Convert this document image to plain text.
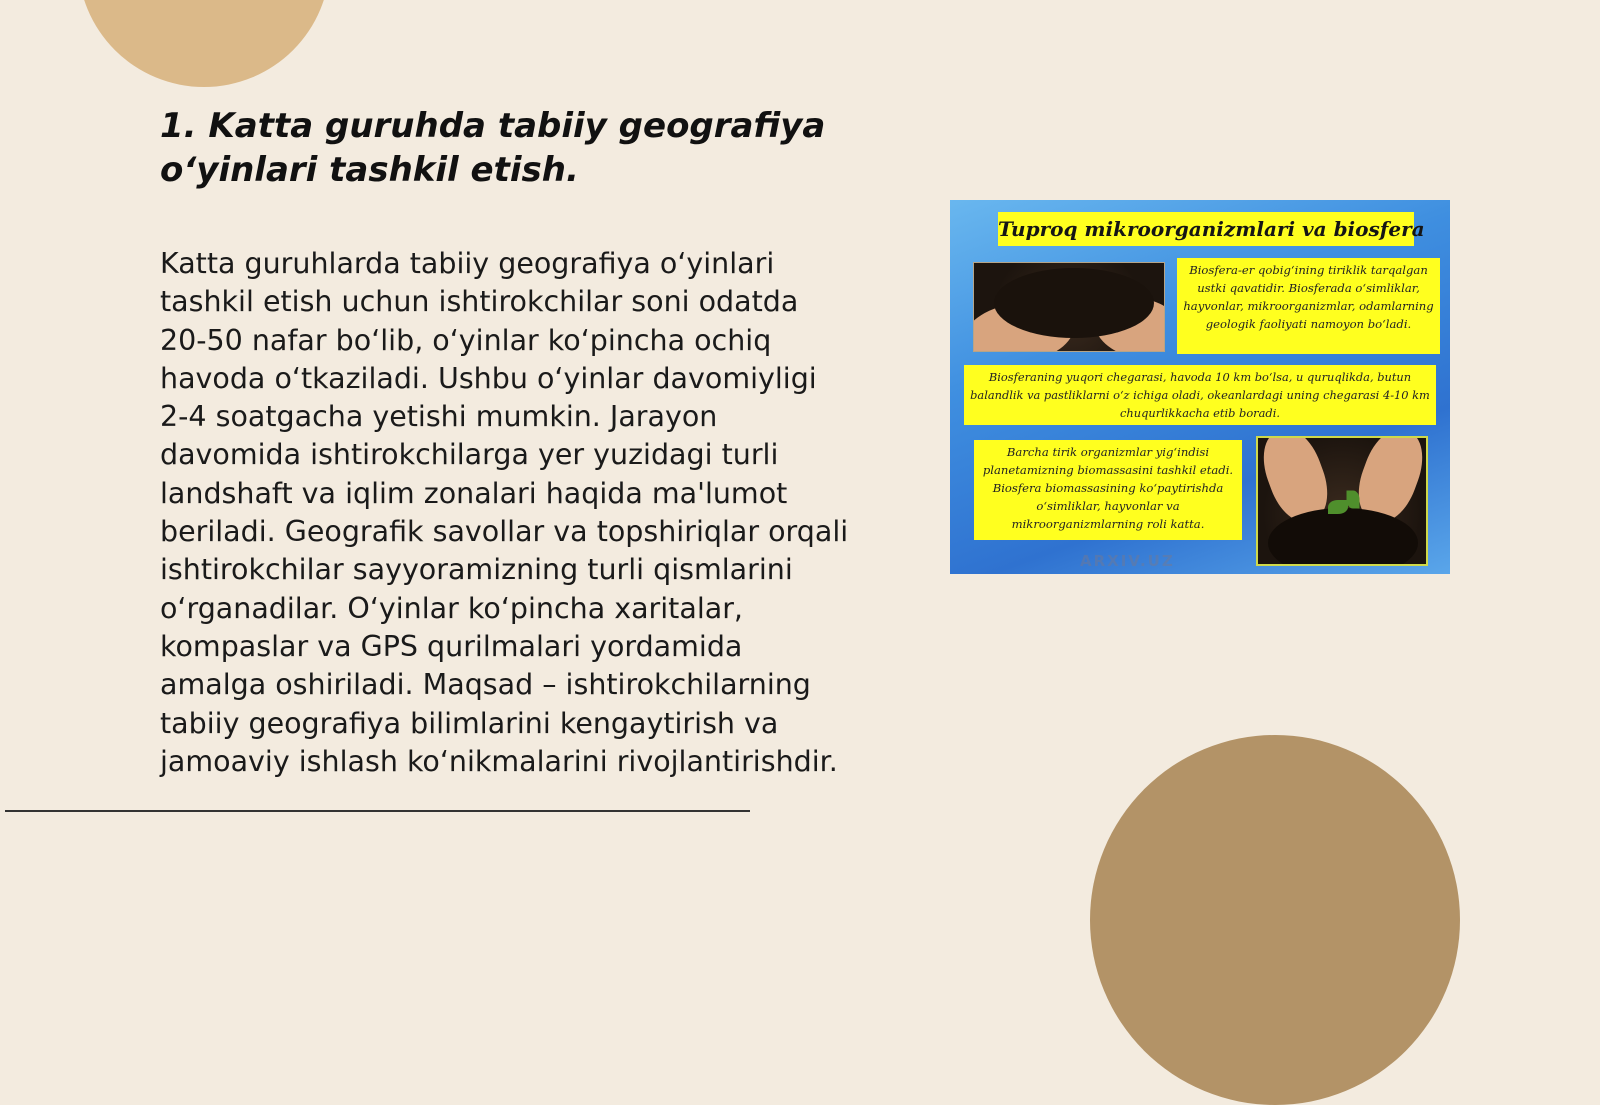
1. Katta guruhda tabiiy geografiya o‘yinlari tashkil etish.

Katta guruhlarda tabiiy geografiya o‘yinlari tashkil etish uchun ishtirokchilar soni odatda 20-50 nafar bo‘lib, o‘yinlar ko‘pincha ochiq havoda o‘tkaziladi. Ushbu o‘yinlar davomiyligi 2-4 soatgacha yetishi mumkin. Jarayon davomida ishtirokchilarga yer yuzidagi turli landshaft va iqlim zonalari haqida ma'lumot beriladi. Geografik savollar va topshiriqlar orqali ishtirokchilar sayyoramizning turli qismlarini o‘rganadilar. O‘yinlar ko‘pincha xaritalar, kompaslar va GPS qurilmalari yordamida amalga oshiriladi. Maqsad – ishtirokchilarning tabiiy geografiya bilimlarini kengaytirish va jamoaviy ishlash ko‘nikmalarini rivojlantirishdir.

Tuproq mikroorganizmlari va biosfera
Biosfera-er qobig‘ining tiriklik tarqalgan ustki qavatidir. Biosferada o‘simliklar, hayvonlar, mikroorganizmlar, odamlarning geologik faoliyati namoyon bo‘ladi.
Biosferaning yuqori chegarasi, havoda 10 km bo‘lsa, u quruqlikda, butun balandlik va pastliklarni o‘z ichiga oladi, okeanlardagi uning chegarasi 4-10 km chuqurlikkacha etib boradi.
Barcha tirik organizmlar yig‘indisi planetamizning biomassasini tashkil etadi. Biosfera biomassasining ko‘paytirishda o‘simliklar, hayvonlar va mikroorganizmlarning roli katta.
ARXIV.UZ
